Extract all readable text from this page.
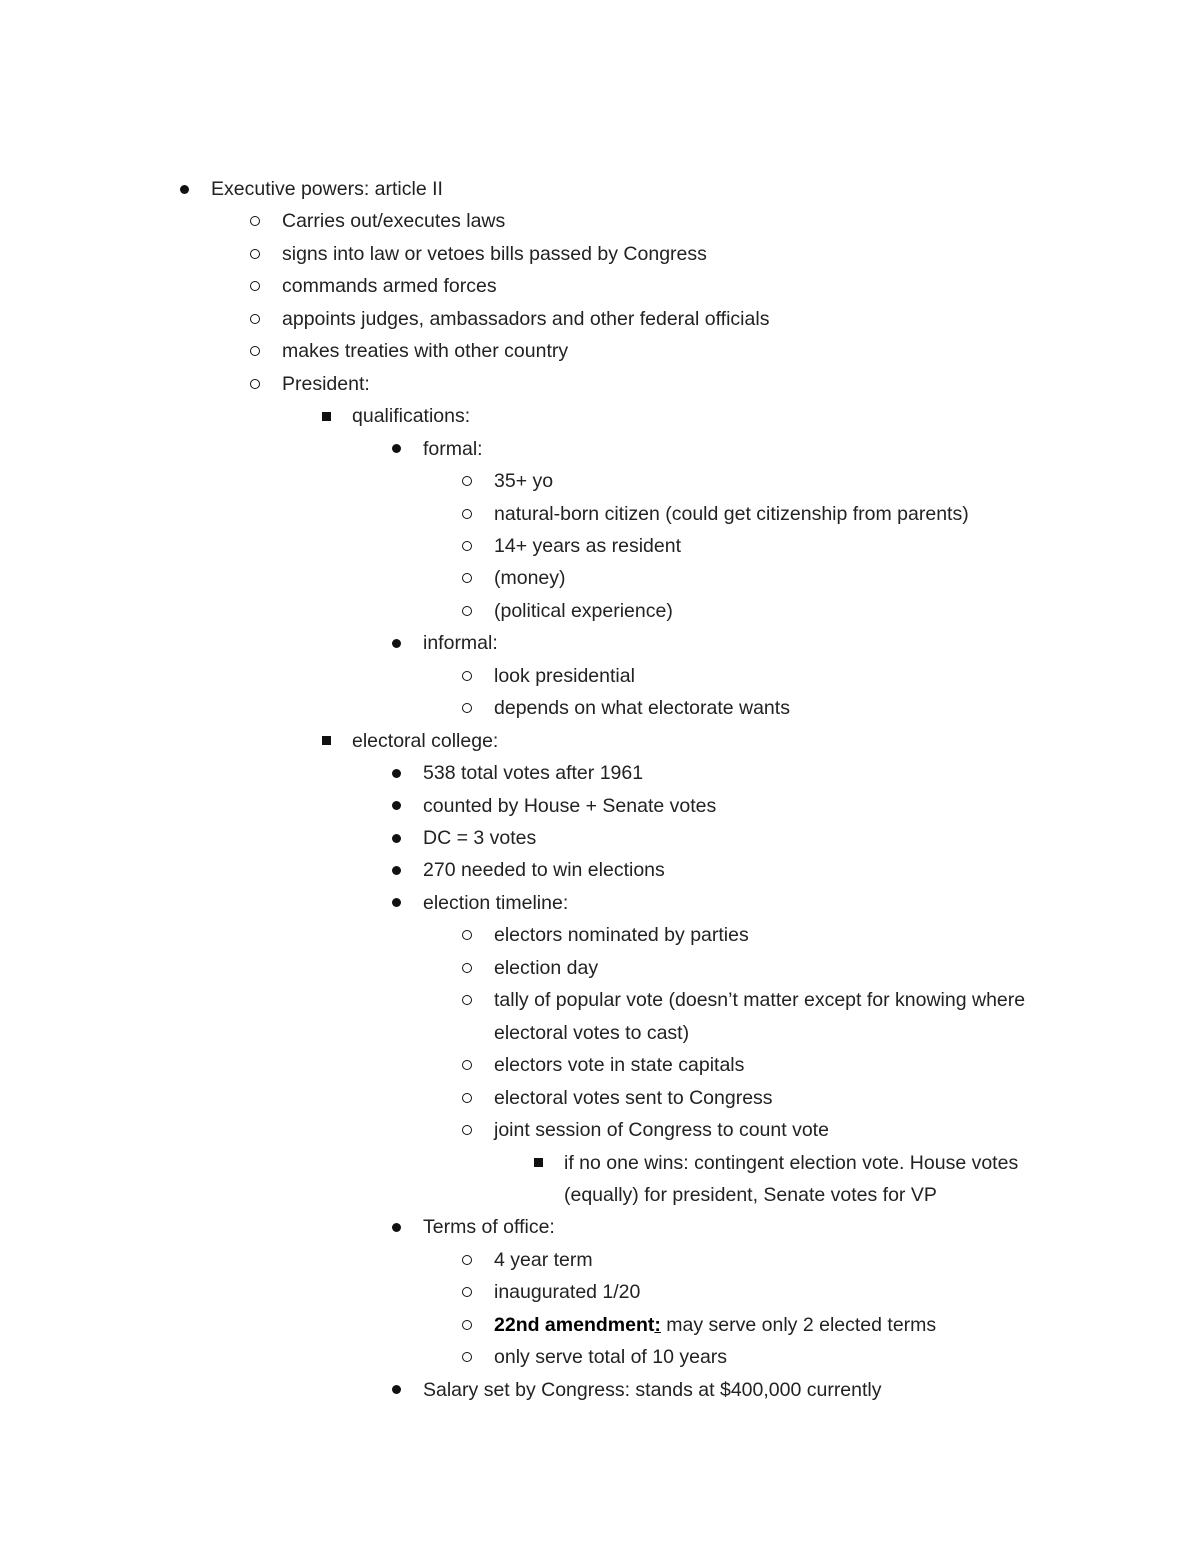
Executive powers: article II
Carries out/executes laws
signs into law or vetoes bills passed by Congress
commands armed forces
appoints judges, ambassadors and other federal officials
makes treaties with other country
President:
qualifications:
formal:
35+ yo
natural-born citizen (could get citizenship from parents)
14+ years as resident
(money)
(political experience)
informal:
look presidential
depends on what electorate wants
electoral college:
538 total votes after 1961
counted by House + Senate votes
DC = 3 votes
270 needed to win elections
election timeline:
electors nominated by parties
election day
tally of popular vote (doesn’t matter except for knowing where
electoral votes to cast)
electors vote in state capitals
electoral votes sent to Congress
joint session of Congress to count vote
if no one wins: contingent election vote. House votes
(equally) for president, Senate votes for VP
Terms of office:
4 year term
inaugurated 1/20
22nd amendment: may serve only 2 elected terms
only serve total of 10 years
Salary set by Congress: stands at $400,000 currently
